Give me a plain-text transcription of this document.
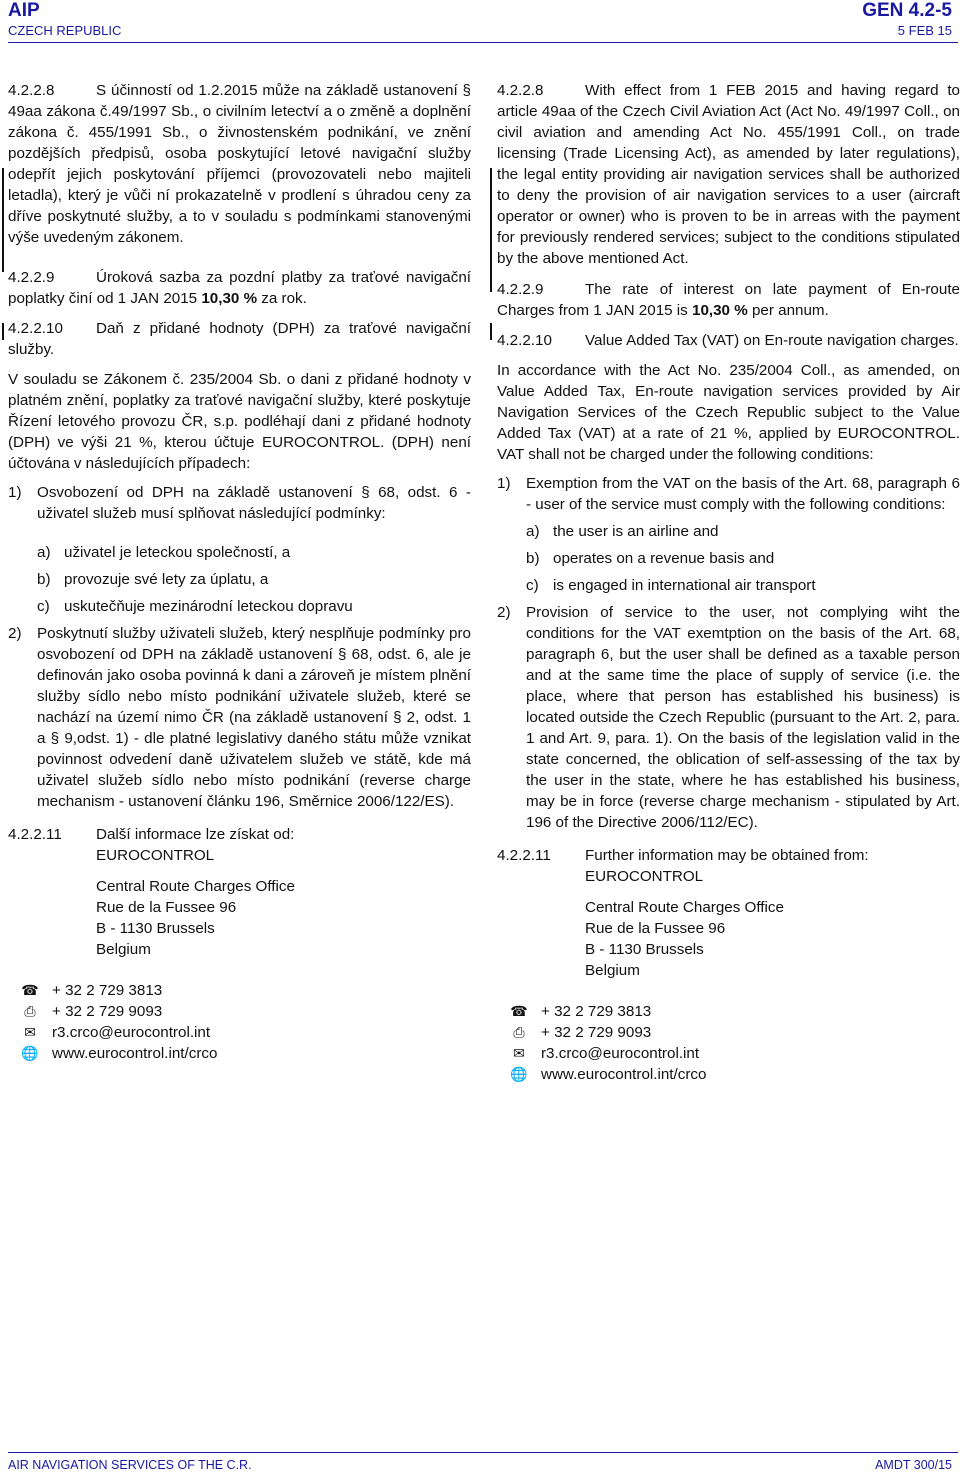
AIP
CZECH REPUBLIC
GEN 4.2-5
5 FEB 15

4.2.2.8	S účinností od 1.2.2015 může na základě ustanovení § 49aa zákona č.49/1997 Sb., o civilním letectví a o změně a doplnění zákona č. 455/1991 Sb., o živnostenském podnikání, ve znění pozdějších předpisů, osoba poskytující letové navigační služby odepřít jejich poskytování příjemci (provozovateli nebo majiteli letadla), který je vůči ní prokazatelně v prodlení s úhradou ceny za dříve poskytnuté služby, a to v souladu s podmínkami stanovenými výše uvedeným zákonem.

4.2.2.9	Úroková sazba za pozdní platby za traťové navigační poplatky činí od 1 JAN 2015 10,30 % za rok.

4.2.2.10 Daň z přidané hodnoty (DPH) za traťové navigační služby.

V souladu se Zákonem č. 235/2004 Sb. o dani z přidané hodnoty v platném znění, poplatky za traťové navigační služby, které poskytuje Řízení letového provozu ČR, s.p. podléhají dani z přidané hodnoty (DPH) ve výši 21 %, kterou účtuje EUROCONTROL. (DPH) není účtována v následujících případech:

1)	Osvobození od DPH na základě ustanovení § 68, odst. 6 - uživatel služeb musí splňovat následující podmínky:
a) uživatel je leteckou společností, a
b) provozuje své lety za úplatu, a
c) uskutečňuje mezinárodní leteckou dopravu
2)	Poskytnutí služby uživateli služeb, který nesplňuje podmínky pro osvobození od DPH na základě ustanovení § 68, odst. 6, ale je definován jako osoba povinná k dani a zároveň je místem plnění služby sídlo nebo místo podnikání uživatele služeb, které se nachází na území nimo ČR (na základě ustanovení § 2, odst. 1 a § 9,odst. 1) - dle platné legislativy daného státu může vznikat povinnost odvedení daně uživatelem služeb ve státě, kde má uživatel služeb sídlo nebo místo podnikání (reverse charge mechanism - ustanovení článku 196, Směrnice 2006/122/ES).
4.2.2.11	Další informace lze získat od:
EUROCONTROL
Central Route Charges Office
Rue de la Fussee 96
B - 1130 Brussels
Belgium
☎ + 32 2 729 3813
⎙	+ 32 2 729 9093
✉	r3.crco@eurocontrol.int
🌐 www.eurocontrol.int/crco

4.2.2.8	With effect from 1 FEB 2015 and having regard to article 49aa of the Czech Civil Aviation Act (Act No. 49/1997 Coll., on civil aviation and amending Act No. 455/1991 Coll., on trade licensing (Trade Licensing Act), as amended by later regulations), the legal entity providing air navigation services shall be authorized to deny the provision of air navigation services to a user (aircraft operator or owner) who is proven to be in arreas with the payment for previously rendered services; subject to the conditions stipulated by the above mentioned Act.

4.2.2.9	The rate of interest on late payment of En-route Charges from 1 JAN 2015 is 10,30 % per annum.

4.2.2.10 Value Added Tax (VAT) on En-route navigation charges.

In accordance with the Act No. 235/2004 Coll., as amended, on Value Added Tax, En-route navigation services provided by Air Navigation Services of the Czech Republic subject to the Value Added Tax (VAT) at a rate of 21 %, applied by EUROCONTROL. VAT shall not be charged under the following conditions:

1)	Exemption from the VAT on the basis of the Art. 68, paragraph 6 - user of the service must comply with the following conditions:
a) the user is an airline and
b) operates on a revenue basis and
c) is engaged in international air transport
2)	Provision of service to the user, not complying wiht the conditions for the VAT exemtption on the basis of the Art. 68, paragraph 6, but the user shall be defined as a taxable person and at the same time the place of supply of service (i.e. the place, where that person has established his business) is located outside the Czech Republic (pursuant to the Art. 2, para. 1 and Art. 9, para. 1). On the basis of the legislation valid in the state concerned, the oblication of self-assessing of the tax by the user in the state, where he has established his business, may be in force (reverse charge mechanism - stipulated by Art. 196 of the Directive 2006/112/EC).
4.2.2.11	Further information may be obtained from:
EUROCONTROL
Central Route Charges Office
Rue de la Fussee 96
B - 1130 Brussels
Belgium
☎ + 32 2 729 3813
⎙	+ 32 2 729 9093
✉	r3.crco@eurocontrol.int
🌐 www.eurocontrol.int/crco
AIR NAVIGATION SERVICES OF THE C.R.	AMDT 300/15
